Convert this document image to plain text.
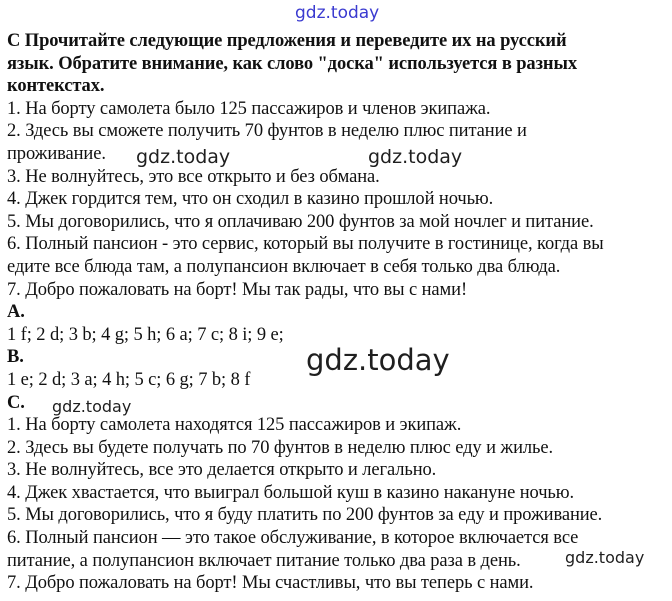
gdz.today
gdz.today	gdz.today
gdz.today
gdz.today
gdz.today
C Прочитайте следующие предложения и переведите их на русский
язык. Обратите внимание, как слово "доска" используется в разных
контекстах.
1. На борту самолета было 125 пассажиров и членов экипажа.
2. Здесь вы сможете получить 70 фунтов в неделю плюс питание и
проживание.
3. Не волнуйтесь, это все открыто и без обмана.
4. Джек гордится тем, что он сходил в казино прошлой ночью.
5. Мы договорились, что я оплачиваю 200 фунтов за мой ночлег и питание.
6. Полный пансион - это сервис, который вы получите в гостинице, когда вы
едите все блюда там, а полупансион включает в себя только два блюда.
7. Добро пожаловать на борт! Мы так рады, что вы с нами!
A.
1 f; 2 d; 3 b; 4 g; 5 h; 6 a; 7 c; 8 i; 9 e;
B.
1 e; 2 d; 3 a; 4 h; 5 c; 6 g; 7 b; 8 f
C.
1. На борту самолета находятся 125 пассажиров и экипаж.
2. Здесь вы будете получать по 70 фунтов в неделю плюс еду и жилье.
3. Не волнуйтесь, все это делается открыто и легально.
4. Джек хвастается, что выиграл большой куш в казино накануне ночью.
5. Мы договорились, что я буду платить по 200 фунтов за еду и проживание.
6. Полный пансион — это такое обслуживание, в которое включается все
питание, а полупансион включает питание только два раза в день.
7. Добро пожаловать на борт! Мы счастливы, что вы теперь с нами.
